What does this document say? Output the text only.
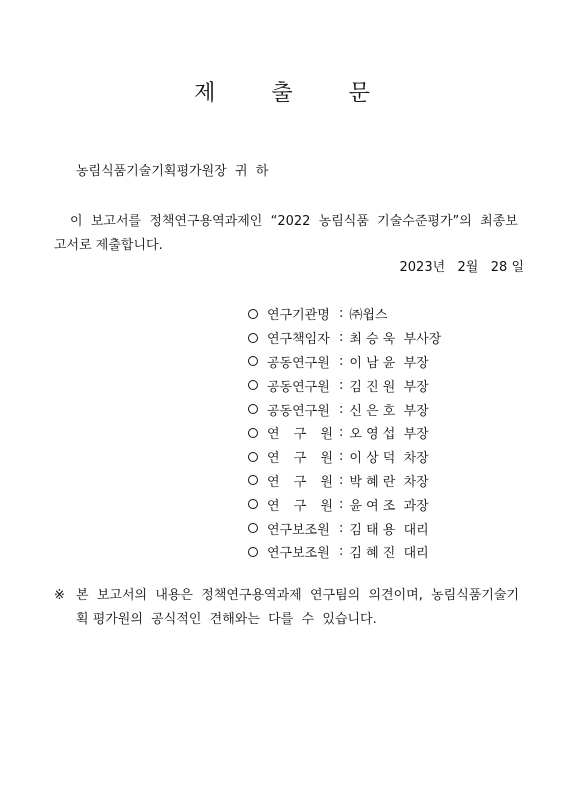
제      출      문
농림식품기술기획평가원장  귀  하
이  보고서를  정책연구용역과제인  “2022  농림식품  기술수준평가”의  최종보고서로 제출합니다.
2023년   2월   28 일
연구기관명 : ㈜윕스
연구책임자 : 최 승 욱  부사장
공동연구원 : 이 남 윤  부장
공동연구원 : 김 진 원  부장
공동연구원 : 신 은 호  부장
연 구 원 : 오 영 섭  부장
연 구 원 : 이 상 덕  차장
연 구 원 : 박 혜 란  차장
연 구 원 : 윤 여 조  과장
연구보조원 : 김 태 용  대리
연구보조원 : 김 혜 진  대리
※ 본  보고서의  내용은  정책연구용역과제  연구팀의  의견이며,  농림식품기술기획 평가원의  공식적인  견해와는  다를  수  있습니다.
